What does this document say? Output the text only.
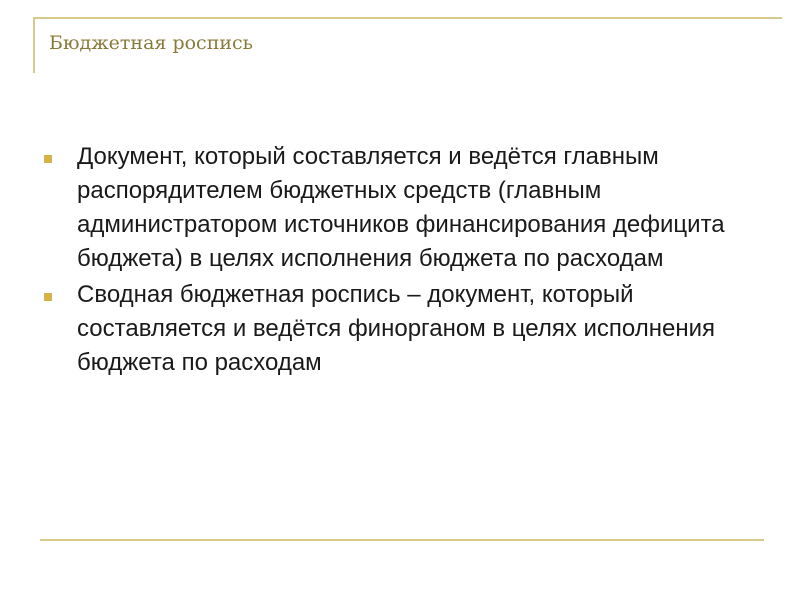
Бюджетная роспись
Документ, который составляется и ведётся главным распорядителем бюджетных средств (главным администратором источников финансирования дефицита бюджета) в целях исполнения бюджета по расходам
Сводная бюджетная роспись – документ, который составляется и ведётся финорганом в целях исполнения бюджета по расходам
